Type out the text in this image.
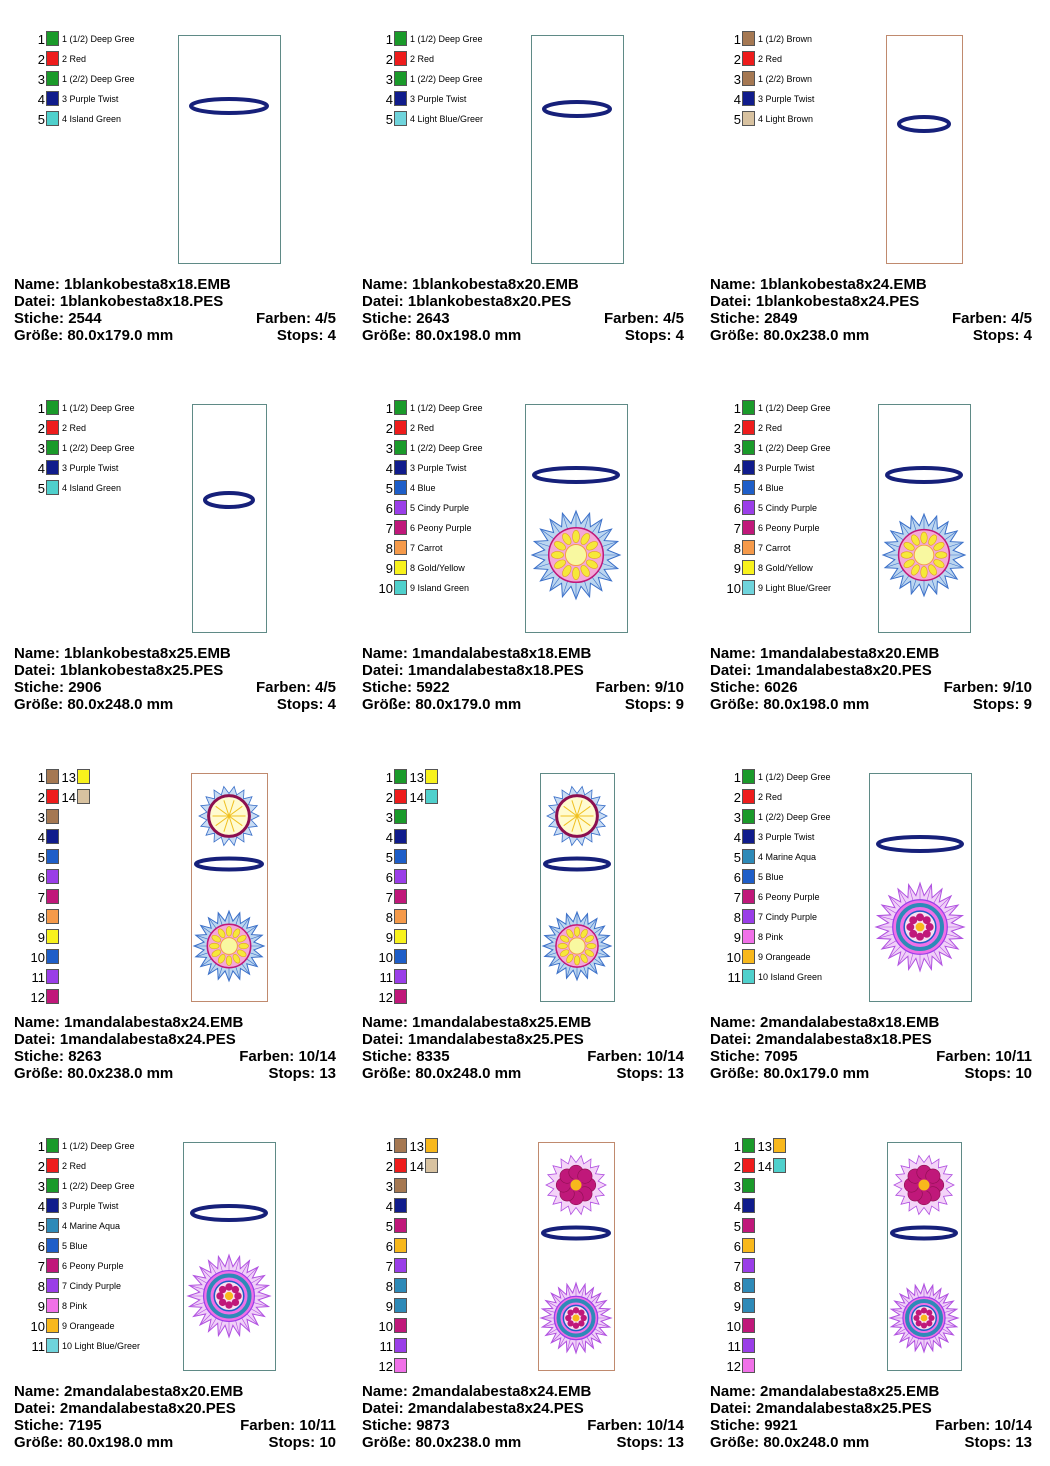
1 1 (1/2) Deep Gree
2 2 Red
3 1 (2/2) Deep Gree
4 3 Purple Twist
5 4 Island Green
Name: 1blankobesta8x18.EMB
Datei: 1blankobesta8x18.PES
Stiche: 2544	Farben: 4/5
Größe: 80.0x179.0 mm	Stops: 4
1 1 (1/2) Deep Gree
2 2 Red
3 1 (2/2) Deep Gree
4 3 Purple Twist
5 4 Light Blue/Greer
Name: 1blankobesta8x20.EMB
Datei: 1blankobesta8x20.PES
Stiche: 2643	Farben: 4/5
Größe: 80.0x198.0 mm	Stops: 4
1 1 (1/2) Brown
2 2 Red
3 1 (2/2) Brown
4 3 Purple Twist
5 4 Light Brown
Name: 1blankobesta8x24.EMB
Datei: 1blankobesta8x24.PES
Stiche: 2849	Farben: 4/5
Größe: 80.0x238.0 mm	Stops: 4
1 1 (1/2) Deep Gree
2 2 Red
3 1 (2/2) Deep Gree
4 3 Purple Twist
5 4 Island Green
Name: 1blankobesta8x25.EMB
Datei: 1blankobesta8x25.PES
Stiche: 2906	Farben: 4/5
Größe: 80.0x248.0 mm	Stops: 4
1 1 (1/2) Deep Gree
2 2 Red
3 1 (2/2) Deep Gree
4 3 Purple Twist
5 4 Blue
6 5 Cindy Purple
7 6 Peony Purple
8 7 Carrot
9 8 Gold/Yellow
10 9 Island Green
Name: 1mandalabesta8x18.EMB
Datei: 1mandalabesta8x18.PES
Stiche: 5922	Farben: 9/10
Größe: 80.0x179.0 mm	Stops: 9
1 1 (1/2) Deep Gree
2 2 Red
3 1 (2/2) Deep Gree
4 3 Purple Twist
5 4 Blue
6 5 Cindy Purple
7 6 Peony Purple
8 7 Carrot
9 8 Gold/Yellow
10 9 Light Blue/Greer
Name: 1mandalabesta8x20.EMB
Datei: 1mandalabesta8x20.PES
Stiche: 6026	Farben: 9/10
Größe: 80.0x198.0 mm	Stops: 9
1 13
2 14
3
4
5
6
7
8
9
10
11
12
Name: 1mandalabesta8x24.EMB
Datei: 1mandalabesta8x24.PES
Stiche: 8263	Farben: 10/14
Größe: 80.0x238.0 mm	Stops: 13
1 13
2 14
3
4
5
6
7
8
9
10
11
12
Name: 1mandalabesta8x25.EMB
Datei: 1mandalabesta8x25.PES
Stiche: 8335	Farben: 10/14
Größe: 80.0x248.0 mm	Stops: 13
1 1 (1/2) Deep Gree
2 2 Red
3 1 (2/2) Deep Gree
4 3 Purple Twist
5 4 Marine Aqua
6 5 Blue
7 6 Peony Purple
8 7 Cindy Purple
9 8 Pink
10 9 Orangeade
11 10 Island Green
Name: 2mandalabesta8x18.EMB
Datei: 2mandalabesta8x18.PES
Stiche: 7095	Farben: 10/11
Größe: 80.0x179.0 mm	Stops: 10
1 1 (1/2) Deep Gree
2 2 Red
3 1 (2/2) Deep Gree
4 3 Purple Twist
5 4 Marine Aqua
6 5 Blue
7 6 Peony Purple
8 7 Cindy Purple
9 8 Pink
10 9 Orangeade
11 10 Light Blue/Greer
Name: 2mandalabesta8x20.EMB
Datei: 2mandalabesta8x20.PES
Stiche: 7195	Farben: 10/11
Größe: 80.0x198.0 mm	Stops: 10
1 13
2 14
3
4
5
6
7
8
9
10
11
12
Name: 2mandalabesta8x24.EMB
Datei: 2mandalabesta8x24.PES
Stiche: 9873	Farben: 10/14
Größe: 80.0x238.0 mm	Stops: 13
1 13
2 14
3
4
5
6
7
8
9
10
11
12
Name: 2mandalabesta8x25.EMB
Datei: 2mandalabesta8x25.PES
Stiche: 9921	Farben: 10/14
Größe: 80.0x248.0 mm	Stops: 13
